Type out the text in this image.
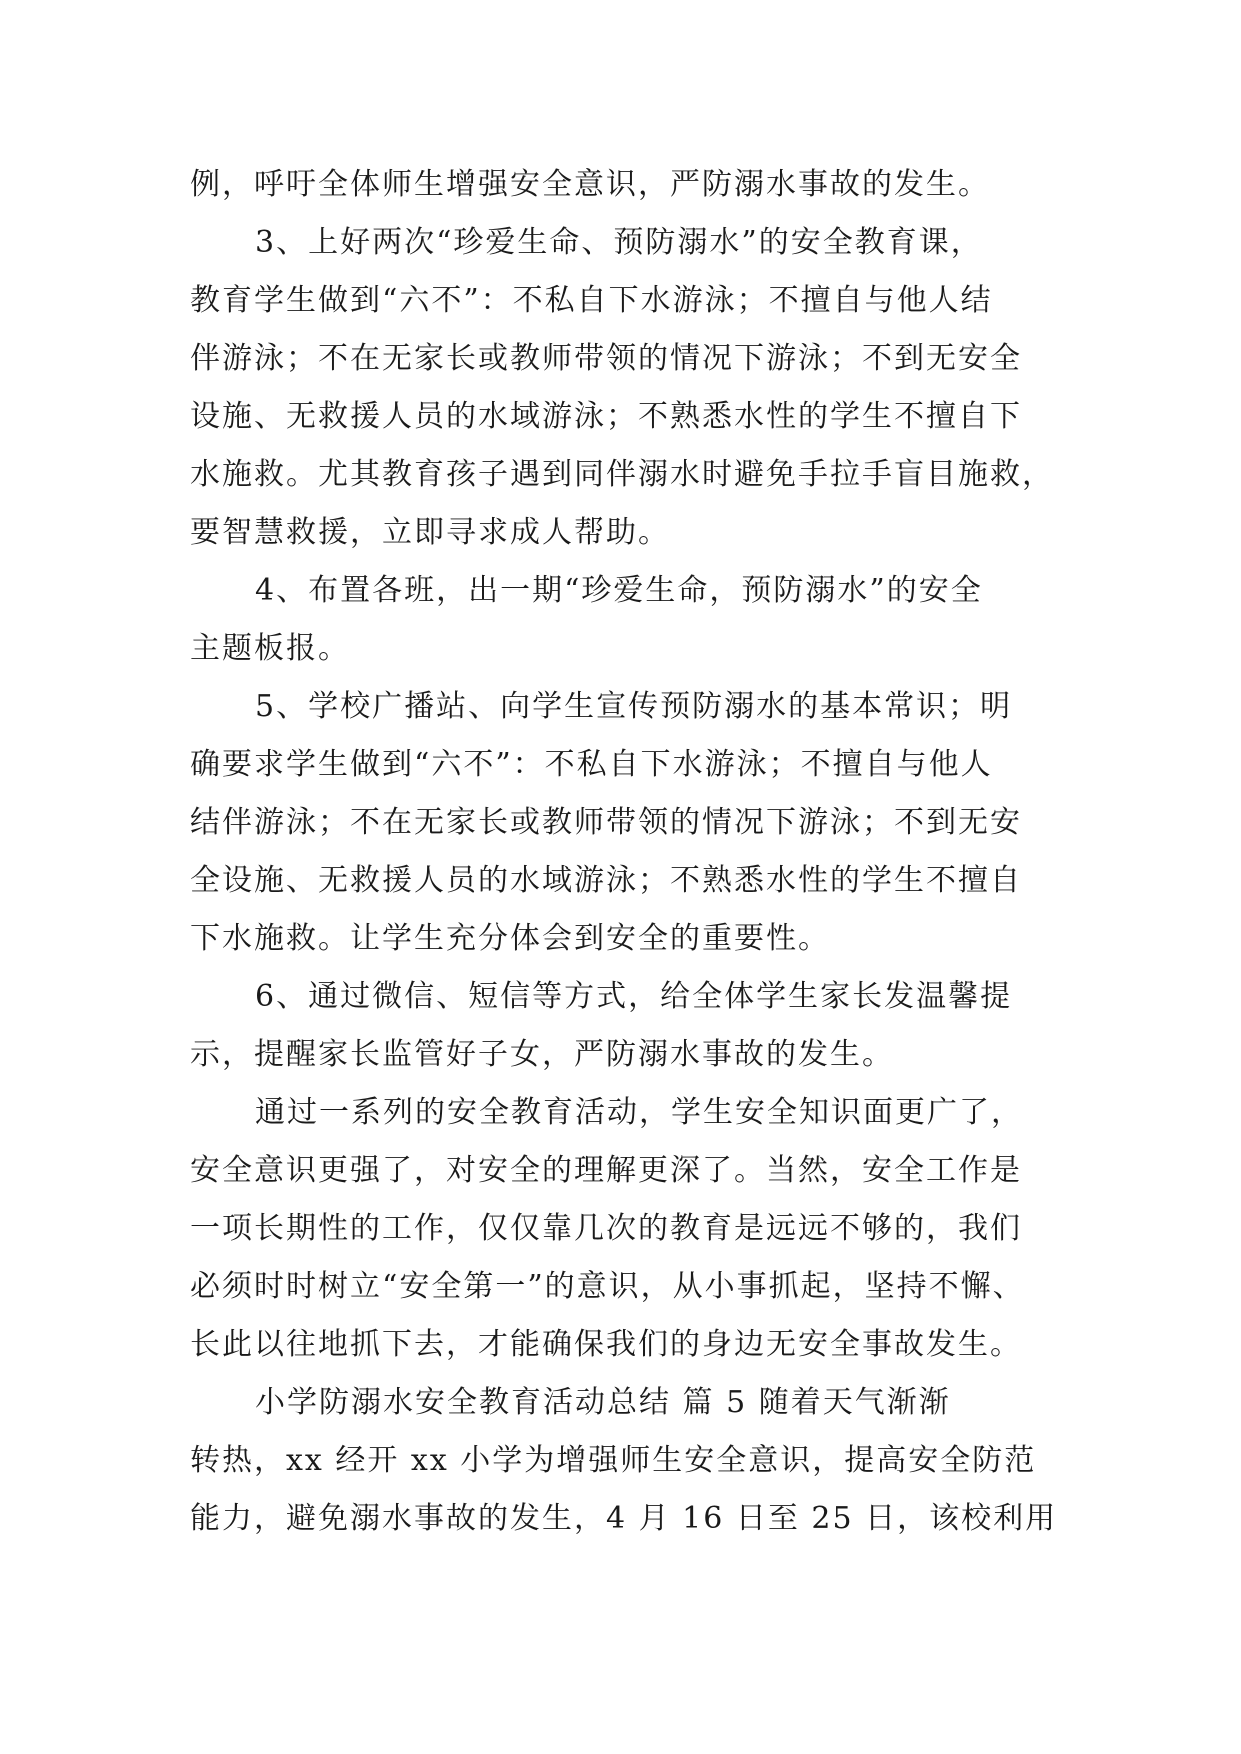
例，呼吁全体师生增强安全意识，严防溺水事故的发生。
3、上好两次“珍爱生命、预防溺水”的安全教育课，
教育学生做到“六不”：不私自下水游泳；不擅自与他人结
伴游泳；不在无家长或教师带领的情况下游泳；不到无安全
设施、无救援人员的水域游泳；不熟悉水性的学生不擅自下
水施救。尤其教育孩子遇到同伴溺水时避免手拉手盲目施救，
要智慧救援，立即寻求成人帮助。
4、布置各班，出一期“珍爱生命，预防溺水”的安全
主题板报。
5、学校广播站、向学生宣传预防溺水的基本常识；明
确要求学生做到“六不”：不私自下水游泳；不擅自与他人
结伴游泳；不在无家长或教师带领的情况下游泳；不到无安
全设施、无救援人员的水域游泳；不熟悉水性的学生不擅自
下水施救。让学生充分体会到安全的重要性。
6、通过微信、短信等方式，给全体学生家长发温馨提
示，提醒家长监管好子女，严防溺水事故的发生。
通过一系列的安全教育活动，学生安全知识面更广了，
安全意识更强了，对安全的理解更深了。当然，安全工作是
一项长期性的工作，仅仅靠几次的教育是远远不够的，我们
必须时时树立“安全第一”的意识，从小事抓起，坚持不懈、
长此以往地抓下去，才能确保我们的身边无安全事故发生。
小学防溺水安全教育活动总结 篇 5 随着天气渐渐
转热，xx 经开 xx 小学为增强师生安全意识，提高安全防范
能力，避免溺水事故的发生，4 月 16 日至 25 日，该校利用
